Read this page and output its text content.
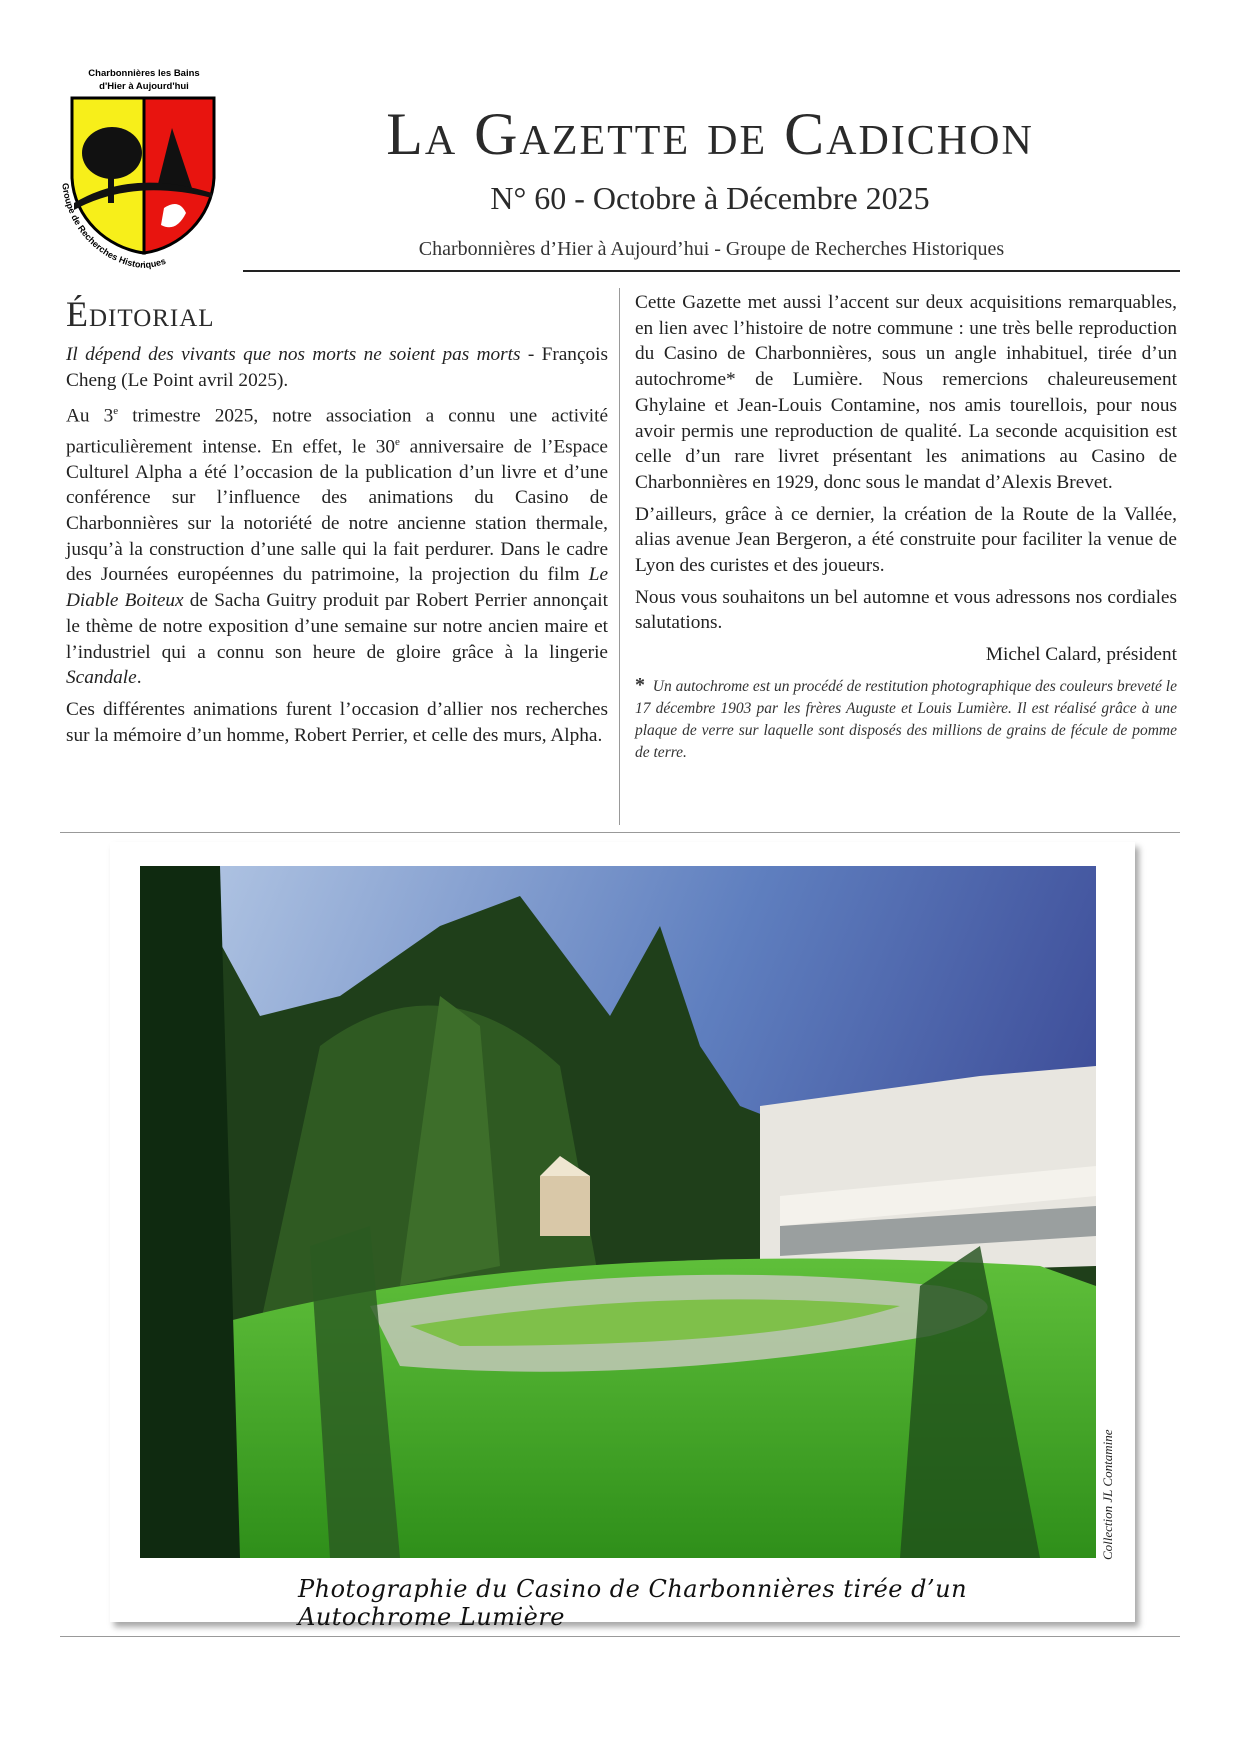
Charbonnières les Bains
d'Hier à Aujourd'hui
Groupe de Recherches Historiques
La Gazette de Cadichon
N° 60 - Octobre à Décembre 2025
Charbonnières d’Hier à Aujourd’hui - Groupe de Recherches Historiques
Éditorial

Il dépend des vivants que nos morts ne soient pas morts - François Cheng (Le Point avril 2025).

Au 3e trimestre 2025, notre association a connu une activité particulièrement intense. En effet, le 30e anniversaire de l’Espace Culturel Alpha a été l’occasion de la publication d’un livre et d’une conférence sur l’influence des animations du Casino de Charbonnières sur la notoriété de notre ancienne station thermale, jusqu’à la construction d’une salle qui la fait perdurer. Dans le cadre des Journées européennes du patrimoine, la projection du film Le Diable Boiteux de Sacha Guitry produit par Robert Perrier annonçait le thème de notre exposition d’une semaine sur notre ancien maire et l’industriel qui a connu son heure de gloire grâce à la lingerie Scandale.

Ces différentes animations furent l’occasion d’allier nos recherches sur la mémoire d’un homme, Robert Perrier, et celle des murs, Alpha.

Cette Gazette met aussi l’accent sur deux acquisitions remarquables, en lien avec l’histoire de notre commune : une très belle reproduction du Casino de Charbonnières, sous un angle inhabituel, tirée d’un autochrome* de Lumière. Nous remercions chaleureusement Ghylaine et Jean-Louis Contamine, nos amis tourellois, pour nous avoir permis une reproduction de qualité. La seconde acquisition est celle d’un rare livret présentant les animations au Casino de Charbonnières en 1929, donc sous le mandat d’Alexis Brevet.

D’ailleurs, grâce à ce dernier, la création de la Route de la Vallée, alias avenue Jean Bergeron, a été construite pour faciliter la venue de Lyon des curistes et des joueurs.

Nous vous souhaitons un bel automne et vous adressons nos cordiales salutations.

Michel Calard, président

* Un autochrome est un procédé de restitution photographique des couleurs breveté le 17 décembre 1903 par les frères Auguste et Louis Lumière. Il est réalisé grâce à une plaque de verre sur laquelle sont disposés des millions de grains de fécule de pomme de terre.

Collection JL Contamine
Photographie du Casino de Charbonnières tirée d’un Autochrome Lumière
